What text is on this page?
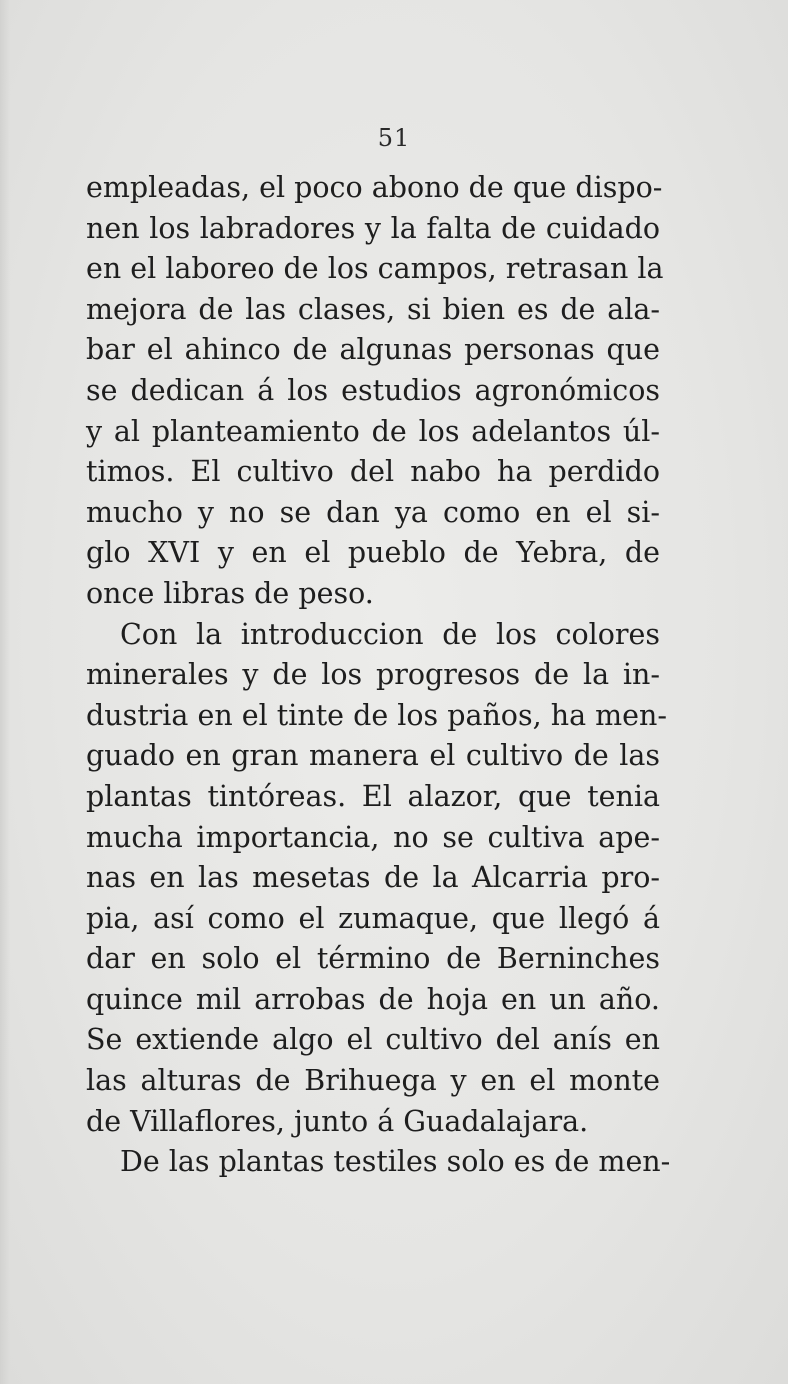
51
empleadas, el poco abono de que dispo-
nen los labradores y la falta de cuidado
en el laboreo de los campos, retrasan la
mejora de las clases, si bien es de ala-
bar el ahinco de algunas personas que
se dedican á los estudios agronómicos
y al planteamiento de los adelantos úl-
timos. El cultivo del nabo ha perdido
mucho y no se dan ya como en el si-
glo XVI y en el pueblo de Yebra, de
once libras de peso.
Con la introduccion de los colores
minerales y de los progresos de la in-
dustria en el tinte de los paños, ha men-
guado en gran manera el cultivo de las
plantas tintóreas. El alazor, que tenia
mucha importancia, no se cultiva ape-
nas en las mesetas de la Alcarria pro-
pia, así como el zumaque, que llegó á
dar en solo el término de Berninches
quince mil arrobas de hoja en un año.
Se extiende algo el cultivo del anís en
las alturas de Brihuega y en el monte
de Villaflores, junto á Guadalajara.
De las plantas testiles solo es de men-
